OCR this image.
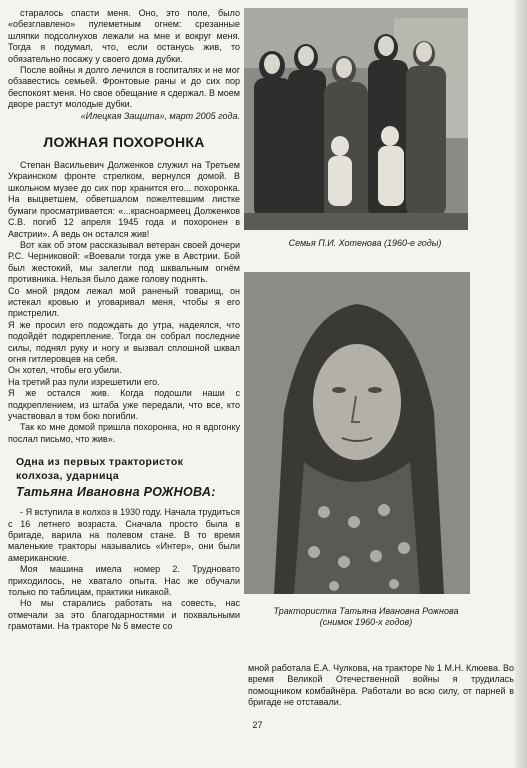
старалось спасти меня. Оно, это поле, было «обезглавлено» пулеметным огнем: срезанные шляпки подсолнухов лежали на мне и вокруг меня. Тогда я подумал, что, если останусь жив, то обязательно посажу у своего дома дубки.

После войны я долго лечился в госпиталях и не мог обзавестись семьей. Фронтовые раны и до сих пор беспокоят меня. Но свое обещание я сдержал. В моем дворе растут молодые дубки.

«Илецкая Защита», март 2005 года.

ЛОЖНАЯ ПОХОРОНКА

Степан Васильевич Долженков служил на Третьем Украинском фронте стрелком, вернулся домой. В школьном музее до сих пор хранится его... похоронка. На выцветшем, обветшалом пожелтевшим листке бумаги просматривается: «...красноармеец Долженков С.В. погиб 12 апреля 1945 года и похоронен в Австрии». А ведь он остался жив!

Вот как об этом рассказывал ветеран своей дочери Р.С. Черниковой: «Воевали тогда уже в Австрии. Бой был жестокий, мы залегли под шквальным огнём противника. Нельзя было даже голову поднять.

Со мной рядом лежал мой раненый товарищ, он истекал кровью и уговаривал меня, чтобы я его пристрелил.

Я же просил его подождать до утра, надеялся, что подойдёт подкрепление. Тогда он собрал последние силы, поднял руку и ногу и вызвал сплошной шквал огня гитлеровцев на себя.

Он хотел, чтобы его убили.

На третий раз пули изрешетили его.

Я же остался жив. Когда подошли наши с подкреплением, из штаба уже передали, что все, кто участвовал в том бою погибли.

Так ко мне домой пришла похоронка, но я вдогонку послал письмо, что жив».

Одна из первых трактористок
колхоза, ударница
Татьяна Ивановна РОЖНОВА:

- Я вступила в колхоз в 1930 году. Начала трудиться с 16 летнего возраста. Сначала просто была в бригаде, варила на полевом стане. В то время маленькие тракторы назывались «Интер», они были американские.

Моя машина имела номер 2. Трудновато приходилось, не хватало опыта. Нас же обучали только по таблицам, практики никакой.

Но мы старались работать на совесть, нас отмечали за это благодарностями и похвальными грамотами. На тракторе № 5 вместе со

Семья П.И. Хотенова (1960-е годы)
Трактористка Татьяна Ивановна Рожнова
(снимок 1960-х годов)

мной работала Е.А. Чулкова, на тракторе № 1 М.Н. Клюева. Во время Великой Отечественной войны я трудилась помощником комбайнёра. Работали во всю силу, от парней в бригаде не отставали.

27
